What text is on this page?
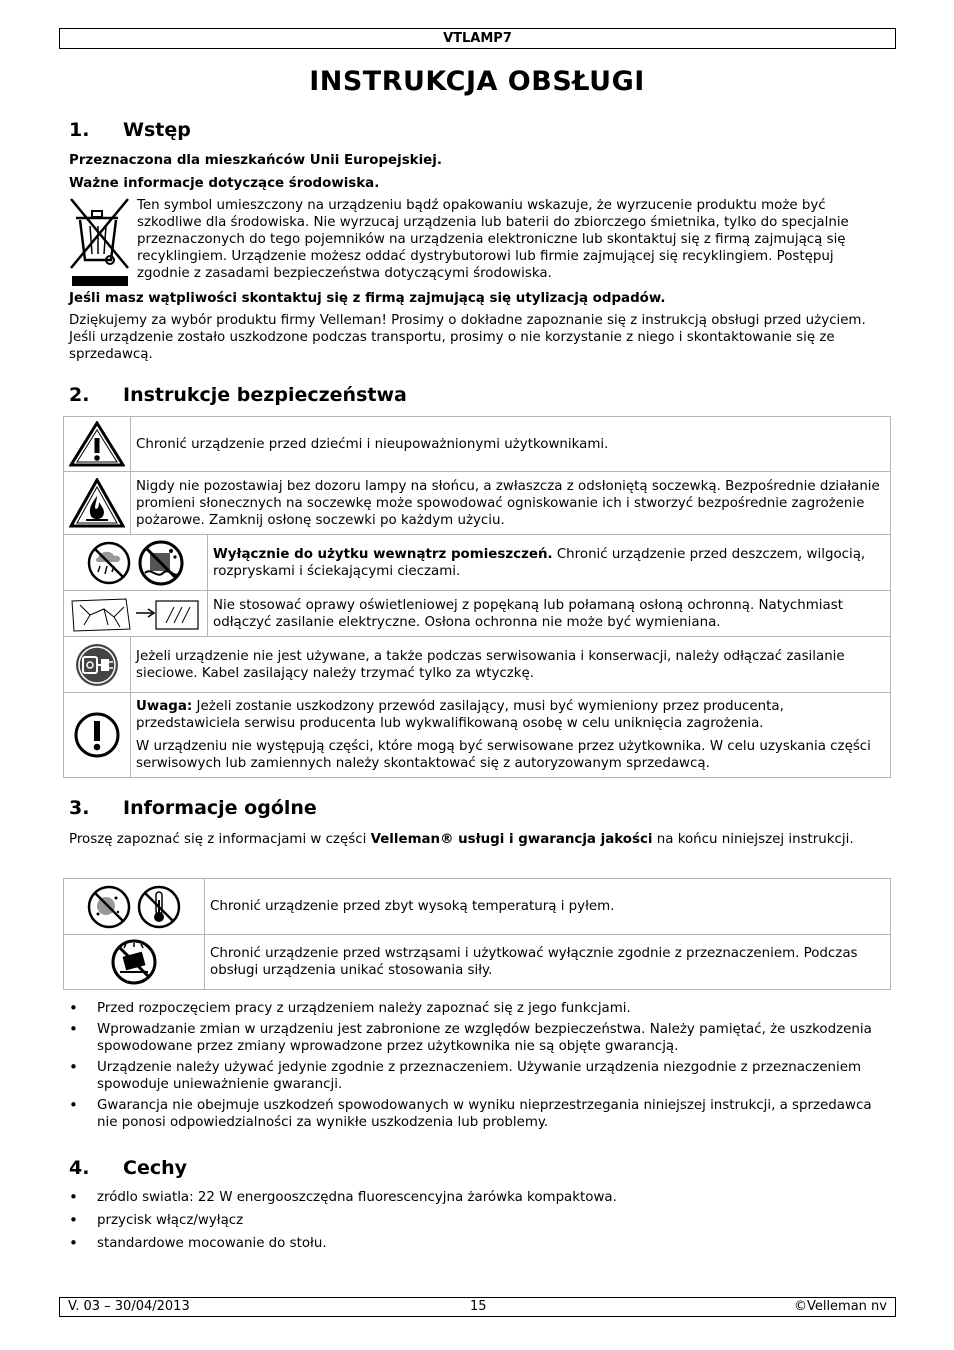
VTLAMP7
INSTRUKCJA OBSŁUGI
1. Wstęp
Przeznaczona dla mieszkańców Unii Europejskiej.
Ważne informacje dotyczące środowiska.
Ten symbol umieszczony na urządzeniu bądź opakowaniu wskazuje, że wyrzucenie produktu może być szkodliwe dla środowiska. Nie wyrzucaj urządzenia lub baterii do zbiorczego śmietnika, tylko do specjalnie przeznaczonych do tego pojemników na urządzenia elektroniczne lub skontaktuj się z firmą zajmującą się recyklingiem. Urządzenie możesz oddać dystrybutorowi lub firmie zajmującej się recyklingiem. Postępuj zgodnie z zasadami bezpieczeństwa dotyczącymi środowiska.
Jeśli masz wątpliwości skontaktuj się z firmą zajmującą się utylizacją odpadów.
Dziękujemy za wybór produktu firmy Velleman! Prosimy o dokładne zapoznanie się z instrukcją obsługi przed użyciem. Jeśli urządzenie zostało uszkodzone podczas transportu, prosimy o nie korzystanie z niego i skontaktowanie się ze sprzedawcą.
2. Instrukcje bezpieczeństwa
	Chronić urządzenie przed dziećmi i nieupoważnionymi użytkownikami.	
	Nigdy nie pozostawiaj bez dozoru lampy na słońcu, a zwłaszcza z odsłoniętą soczewką. Bezpośrednie działanie promieni słonecznych na soczewkę może spowodować ogniskowanie ich i stworzyć bezpośrednie zagrożenie pożarowe. Zamknij osłonę soczewki po każdym użyciu.	
	Wyłącznie do użytku wewnątrz pomieszczeń. Chronić urządzenie przed deszczem, wilgocią, rozpryskami i ściekającymi cieczami.
	Nie stosować oprawy oświetleniowej z popękaną lub połamaną osłoną ochronną. Natychmiast odłączyć zasilanie elektryczne. Osłona ochronna nie może być wymieniana.
	Jeżeli urządzenie nie jest używane, a także podczas serwisowania i konserwacji, należy odłączać zasilanie sieciowe. Kabel zasilający należy trzymać tylko za wtyczkę.	

Uwaga: Jeżeli zostanie uszkodzony przewód zasilający, musi być wymieniony przez producenta, przedstawiciela serwisu producenta lub wykwalifikowaną osobę w celu uniknięcia zagrożenia.

W urządzeniu nie występują części, które mogą być serwisowane przez użytkownika. W celu uzyskania części serwisowych lub zamiennych należy skontaktować się z autoryzowanym sprzedawcą.	

3. Informacje ogólne
Proszę zapoznać się z informacjami w części Velleman® usługi i gwarancja jakości na końcu niniejszej instrukcji.
	Chronić urządzenie przed zbyt wysoką temperaturą i pyłem.
	Chronić urządzenie przed wstrząsami i użytkować wyłącznie zgodnie z przeznaczeniem. Podczas obsługi urządzenia unikać stosowania siły.
• Przed rozpoczęciem pracy z urządzeniem należy zapoznać się z jego funkcjami.
• Wprowadzanie zmian w urządzeniu jest zabronione ze względów bezpieczeństwa. Należy pamiętać, że uszkodzenia spowodowane przez zmiany wprowadzone przez użytkownika nie są objęte gwarancją.
• Urządzenie należy używać jedynie zgodnie z przeznaczeniem. Używanie urządzenia niezgodnie z przeznaczeniem spowoduje unieważnienie gwarancji.
• Gwarancja nie obejmuje uszkodzeń spowodowanych w wyniku nieprzestrzegania niniejszej instrukcji, a sprzedawca nie ponosi odpowiedzialności za wynikłe uszkodzenia lub problemy.
4. Cechy
• zródlo swiatla: 22 W energooszczędna fluorescencyjna żarówka kompaktowa.
• przycisk włącz/wyłącz
• standardowe mocowanie do stołu.
V. 03 – 30/04/2013	15	©Velleman nv
